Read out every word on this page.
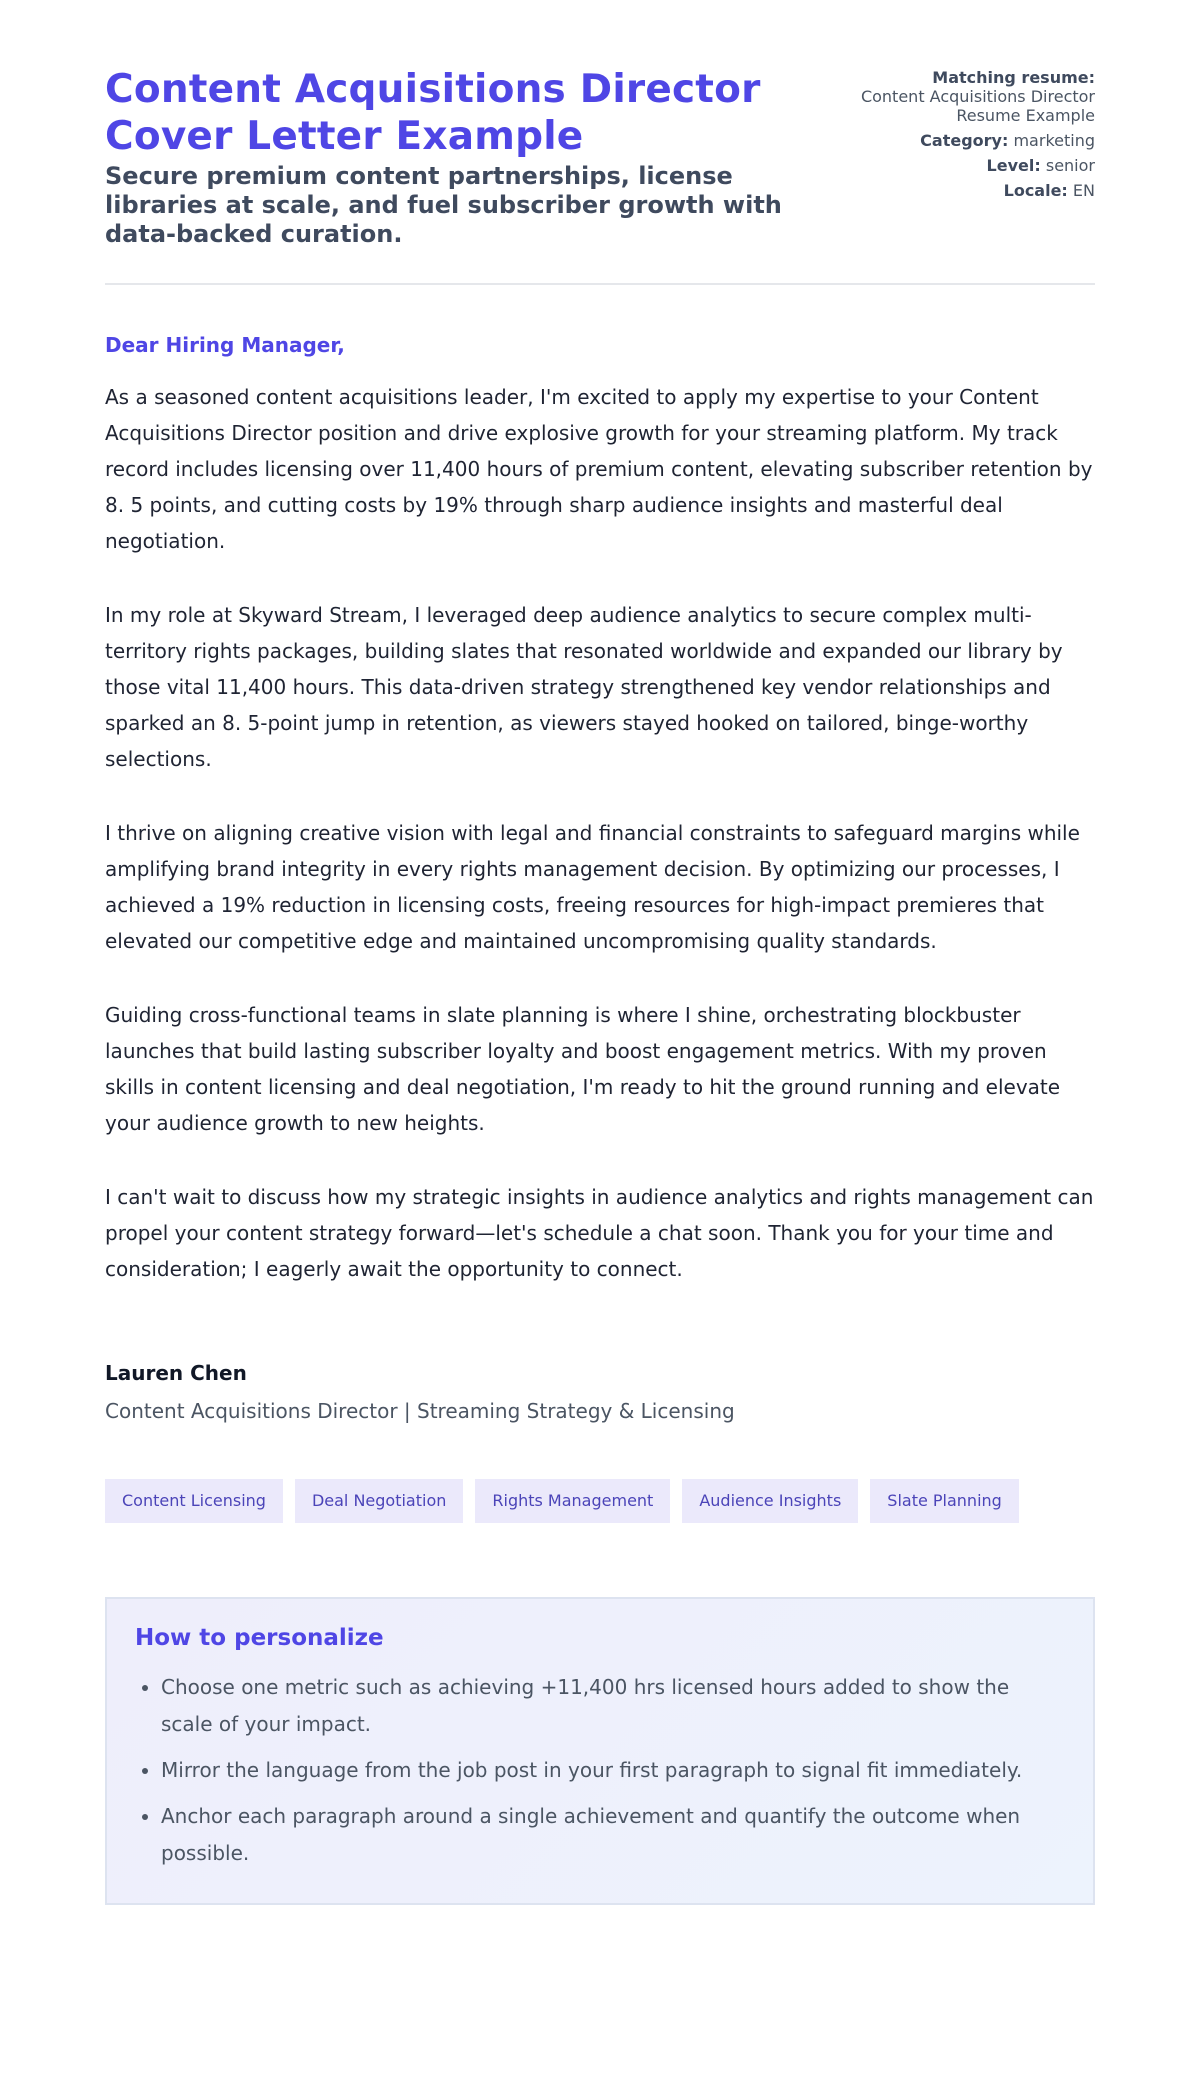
Content Acquisitions Director Cover Letter Example

Secure premium content partnerships, license libraries at scale, and fuel subscriber growth with data-backed curation.

Matching resume:
Content Acquisitions Director Resume Example
Category: marketing
Level: senior
Locale: EN

Dear Hiring Manager,

As a seasoned content acquisitions leader, I'm excited to apply my expertise to your Content Acquisitions Director position and drive explosive growth for your streaming platform. My track record includes licensing over 11,400 hours of premium content, elevating subscriber retention by 8. 5 points, and cutting costs by 19% through sharp audience insights and masterful deal negotiation.

In my role at Skyward Stream, I leveraged deep audience analytics to secure complex multi-territory rights packages, building slates that resonated worldwide and expanded our library by those vital 11,400 hours. This data-driven strategy strengthened key vendor relationships and sparked an 8. 5-point jump in retention, as viewers stayed hooked on tailored, binge-worthy selections.

I thrive on aligning creative vision with legal and financial constraints to safeguard margins while amplifying brand integrity in every rights management decision. By optimizing our processes, I achieved a 19% reduction in licensing costs, freeing resources for high-impact premieres that elevated our competitive edge and maintained uncompromising quality standards.

Guiding cross-functional teams in slate planning is where I shine, orchestrating blockbuster launches that build lasting subscriber loyalty and boost engagement metrics. With my proven skills in content licensing and deal negotiation, I'm ready to hit the ground running and elevate your audience growth to new heights.

I can't wait to discuss how my strategic insights in audience analytics and rights management can propel your content strategy forward—let's schedule a chat soon. Thank you for your time and consideration; I eagerly await the opportunity to connect.

Lauren Chen

Content Acquisitions Director | Streaming Strategy & Licensing

Content Licensing	Deal Negotiation	Rights Management	Audience Insights	Slate Planning
How to personalize
• Choose one metric such as achieving +11,400 hrs licensed hours added to show the scale of your impact.
• Mirror the language from the job post in your first paragraph to signal fit immediately.
• Anchor each paragraph around a single achievement and quantify the outcome when possible.
